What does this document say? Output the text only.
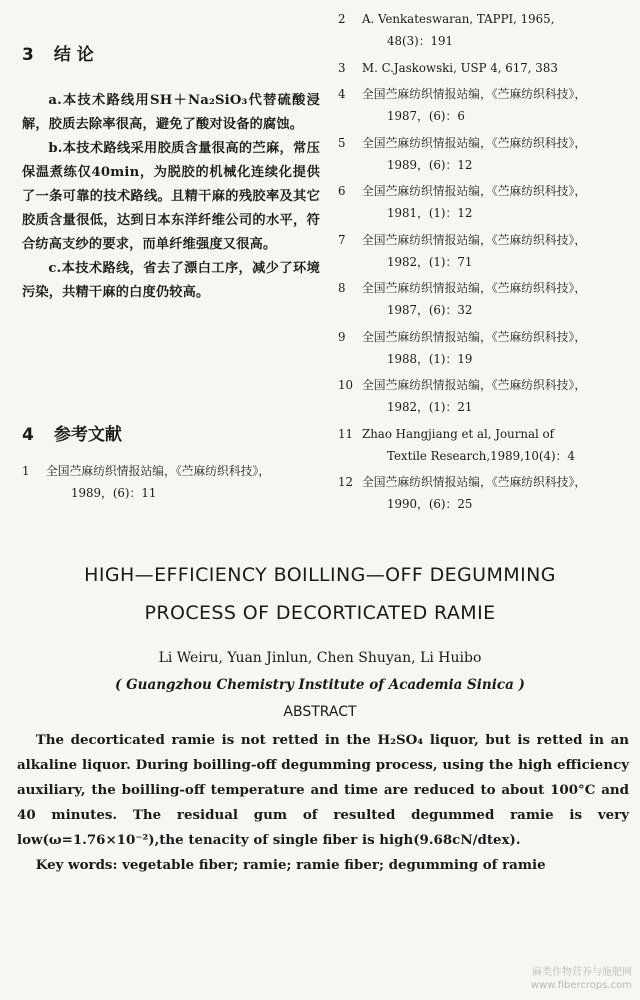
3 结 论

a.本技术路线用SH＋Na₂SiO₃代替硫酸浸解，胶质去除率很高，避免了酸对设备的腐蚀。

b.本技术路线采用胶质含量很高的苎麻，常压保温煮练仅40min，为脱胶的机械化连续化提供了一条可靠的技术路线。且精干麻的残胶率及其它胶质含量很低，达到日本东洋纤维公司的水平，符合纺高支纱的要求，而单纤维强度又很高。

c.本技术路线，省去了漂白工序，减少了环境污染，共精干麻的白度仍较高。

4 参考文献
1	全国苎麻纺织情报站编，《苎麻纺织科技》，
1989，(6)：11
2	A. Venkateswaran, TAPPI, 1965,
48(3)：191
3	M. C.Jaskowski, USP 4, 617, 383
4	全国苎麻纺织情报站编，《苎麻纺织科技》，
1987，(6)：6
5	全国苎麻纺织情报站编，《苎麻纺织科技》，
1989，(6)：12
6	全国苎麻纺织情报站编，《苎麻纺织科技》，
1981，(1)：12
7	全国苎麻纺织情报站编，《苎麻纺织科技》，
1982，(1)：71
8	全国苎麻纺织情报站编，《苎麻纺织科技》，
1987，(6)：32
9	全国苎麻纺织情报站编，《苎麻纺织科技》，
1988，(1)：19
10 全国苎麻纺织情报站编，《苎麻纺织科技》，
1982，(1)：21
11 Zhao Hangjiang et al, Journal of
Textile Research,1989,10(4)：4
12 全国苎麻纺织情报站编，《苎麻纺织科技》，
1990，(6)：25
HIGH—EFFICIENCY BOILLING—OFF DEGUMMING
PROCESS OF DECORTICATED RAMIE
Li Weiru, Yuan Jinlun, Chen Shuyan, Li Huibo
( Guangzhou Chemistry Institute of Academia Sinica )
ABSTRACT

The decorticated ramie is not retted in the H₂SO₄ liquor, but is retted in an alkaline liquor. During boilling-off degumming process, using the high efficiency auxiliary, the boilling-off temperature and time are reduced to about 100°C and 40 minutes. The residual gum of resulted degummed ramie is very low(ω=1.76×10⁻²),the tenacity of single fiber is high(9.68cN/dtex).

Key words: vegetable fiber; ramie; ramie fiber; degumming of ramie

麻类作物营养与施肥网
www.fibercrops.com
